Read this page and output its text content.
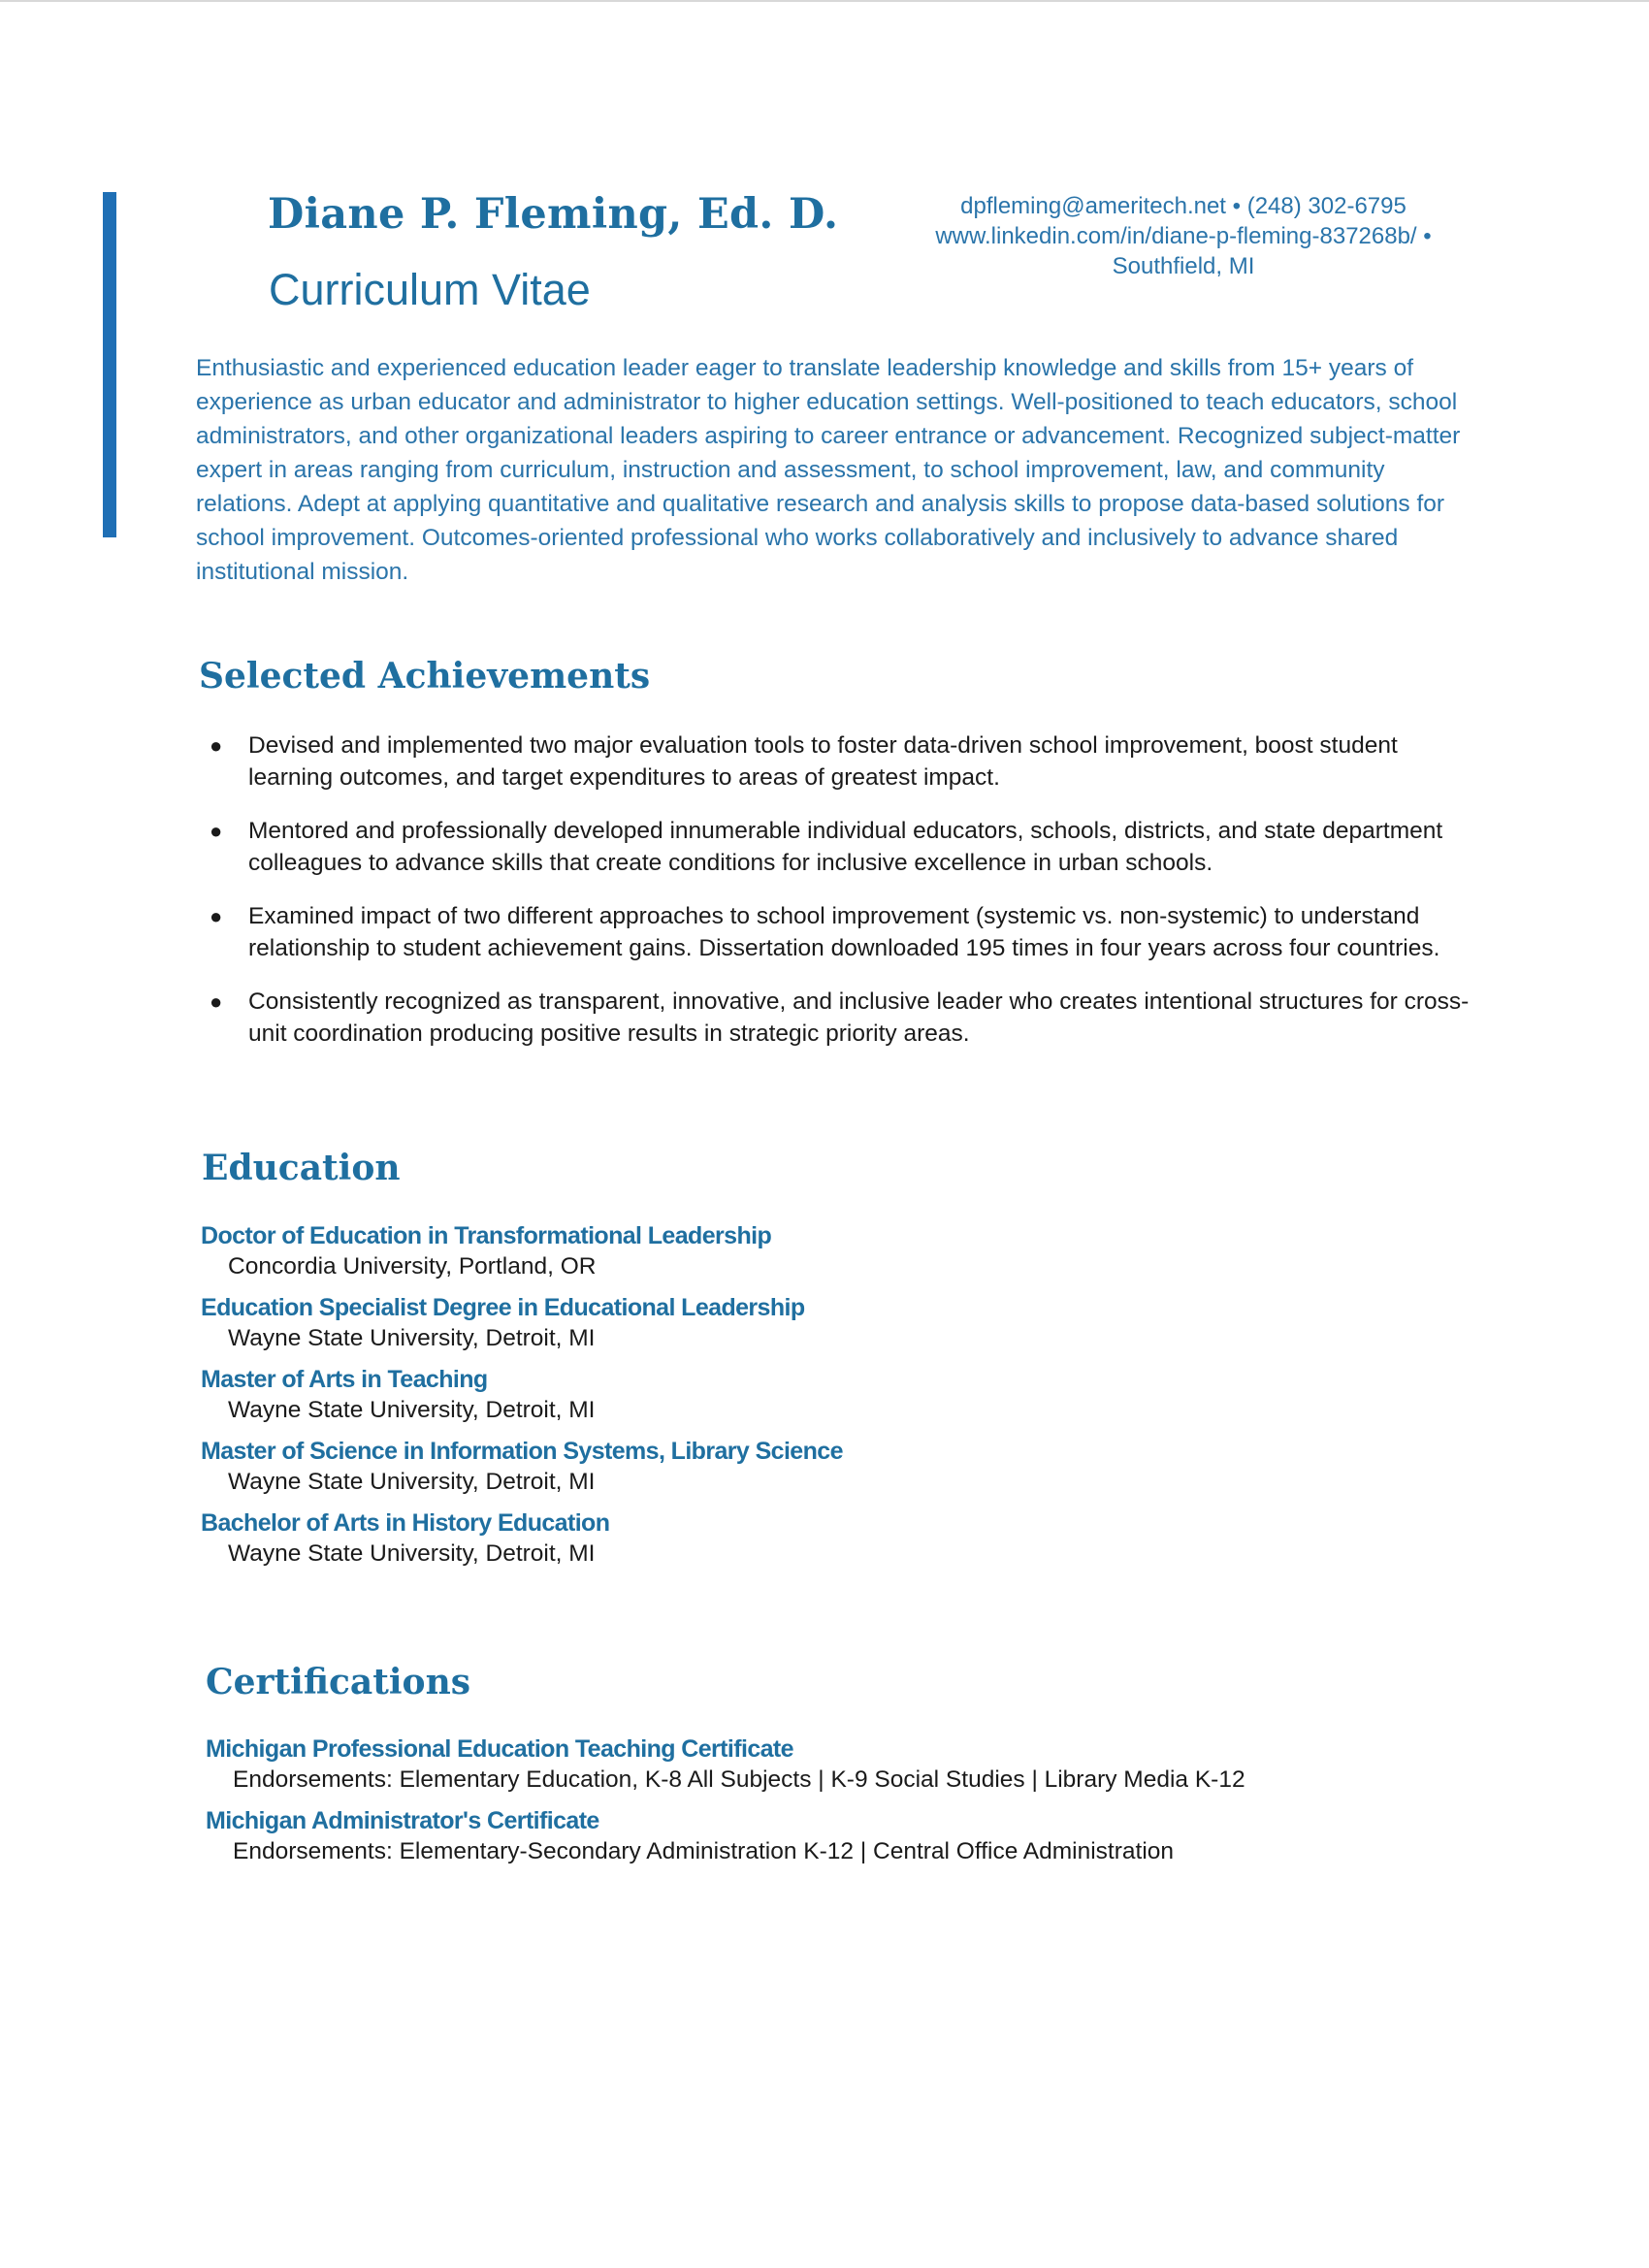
Diane P. Fleming, Ed. D.
Curriculum Vitae
dpfleming@ameritech.net • (248) 302-6795
www.linkedin.com/in/diane-p-fleming-837268b/ •
Southfield, MI

Enthusiastic and experienced education leader eager to translate leadership knowledge and skills from 15+ years of experience as urban educator and administrator to higher education settings. Well-positioned to teach educators, school administrators, and other organizational leaders aspiring to career entrance or advancement. Recognized subject-matter expert in areas ranging from curriculum, instruction and assessment, to school improvement, law, and community relations. Adept at applying quantitative and qualitative research and analysis skills to propose data-based solutions for school improvement. Outcomes-oriented professional who works collaboratively and inclusively to advance shared institutional mission.

Selected Achievements
● Devised and implemented two major evaluation tools to foster data-driven school improvement, boost student learning outcomes, and target expenditures to areas of greatest impact.
● Mentored and professionally developed innumerable individual educators, schools, districts, and state department colleagues to advance skills that create conditions for inclusive excellence in urban schools.
● Examined impact of two different approaches to school improvement (systemic vs. non-systemic) to understand relationship to student achievement gains. Dissertation downloaded 195 times in four years across four countries.
● Consistently recognized as transparent, innovative, and inclusive leader who creates intentional structures for cross-unit coordination producing positive results in strategic priority areas.
Education
Doctor of Education in Transformational Leadership
Concordia University, Portland, OR
Education Specialist Degree in Educational Leadership
Wayne State University, Detroit, MI
Master of Arts in Teaching
Wayne State University, Detroit, MI
Master of Science in Information Systems, Library Science
Wayne State University, Detroit, MI
Bachelor of Arts in History Education
Wayne State University, Detroit, MI
Certifications
Michigan Professional Education Teaching Certificate
Endorsements: Elementary Education, K-8 All Subjects | K-9 Social Studies | Library Media K-12
Michigan Administrator's Certificate
Endorsements: Elementary-Secondary Administration K-12 | Central Office Administration
